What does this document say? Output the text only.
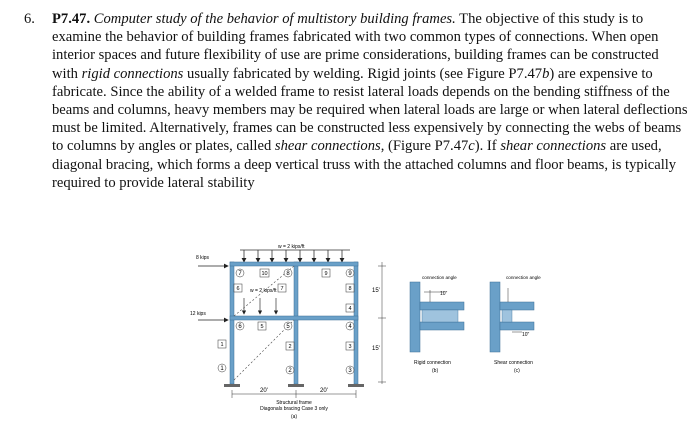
6.	P7.47. Computer study of the behavior of multistory building frames. The objective of this study is to examine the behavior of building frames fabricated with two common types of connections. When open interior spaces and future flexibility of use are prime considerations, building frames can be constructed with rigid connections usually fabricated by welding. Rigid joints (see Figure P7.47b) are expensive to fabricate. Since the ability of a welded frame to resist lateral loads depends on the bending stiffness of the beams and columns, heavy members may be required when lateral loads are large or when lateral deflections must be limited. Alternatively, frames can be constructed less expensively by connecting the webs of beams to columns by angles or plates, called shear connections, (Figure P7.47c). If shear connections are used, diagonal bracing, which forms a deep vertical truss with the attached columns and floor beams, is typically required to provide lateral stability
w = 2 kips/ft
w = 2 kips/ft
8 kips
12 kips
1	2	3
4
5
6
7	8	9
1	2	3
4
5
6	7	8
9
10
15'
15'
20'	20'
Structural frame
Diagonals bracing Case 3 only
(a)
connection angle
10"
Rigid connection
(b)
connection angle
10"
Shear connection
(c)
